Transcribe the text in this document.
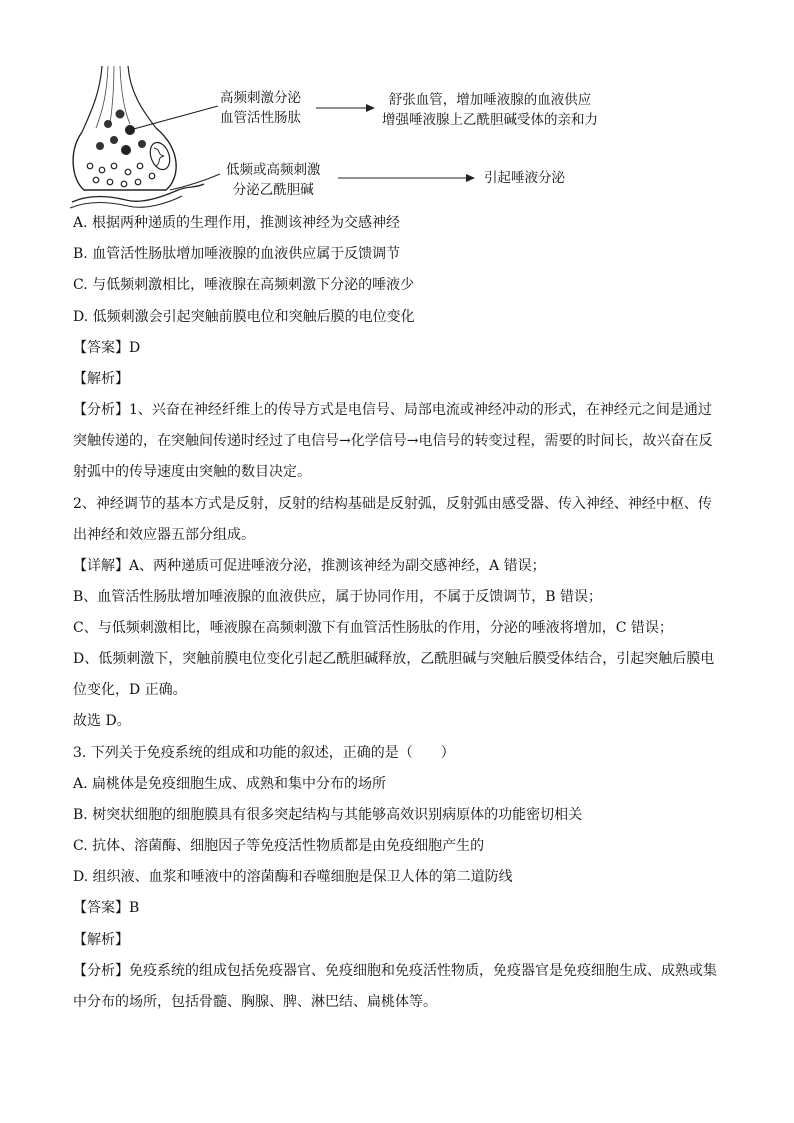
高频刺激分泌
血管活性肠肽
舒张血管，增加唾液腺的血液供应
增强唾液腺上乙酰胆碱受体的亲和力
低频或高频刺激
分泌乙酰胆碱
引起唾液分泌
A. 根据两种递质的生理作用，推测该神经为交感神经
B. 血管活性肠肽增加唾液腺的血液供应属于反馈调节
C. 与低频刺激相比，唾液腺在高频刺激下分泌的唾液少
D. 低频刺激会引起突触前膜电位和突触后膜的电位变化
【答案】D
【解析】
【分析】1、兴奋在神经纤维上的传导方式是电信号、局部电流或神经冲动的形式，在神经元之间是通过
突触传递的，在突触间传递时经过了电信号→化学信号→电信号的转变过程，需要的时间长，故兴奋在反
射弧中的传导速度由突触的数目决定。
2、神经调节的基本方式是反射，反射的结构基础是反射弧，反射弧由感受器、传入神经、神经中枢、传
出神经和效应器五部分组成。
【详解】A、两种递质可促进唾液分泌，推测该神经为副交感神经，A 错误；
B、血管活性肠肽增加唾液腺的血液供应，属于协同作用，不属于反馈调节，B 错误；
C、与低频刺激相比，唾液腺在高频刺激下有血管活性肠肽的作用，分泌的唾液将增加，C 错误；
D、低频刺激下，突触前膜电位变化引起乙酰胆碱释放，乙酰胆碱与突触后膜受体结合，引起突触后膜电
位变化，D 正确。
故选 D。
3. 下列关于免疫系统的组成和功能的叙述，正确的是（　　）
A. 扁桃体是免疫细胞生成、成熟和集中分布的场所
B. 树突状细胞的细胞膜具有很多突起结构与其能够高效识别病原体的功能密切相关
C. 抗体、溶菌酶、细胞因子等免疫活性物质都是由免疫细胞产生的
D. 组织液、血浆和唾液中的溶菌酶和吞噬细胞是保卫人体的第二道防线
【答案】B
【解析】
【分析】免疫系统的组成包括免疫器官、免疫细胞和免疫活性物质，免疫器官是免疫细胞生成、成熟或集
中分布的场所，包括骨髓、胸腺、脾、淋巴结、扁桃体等。
